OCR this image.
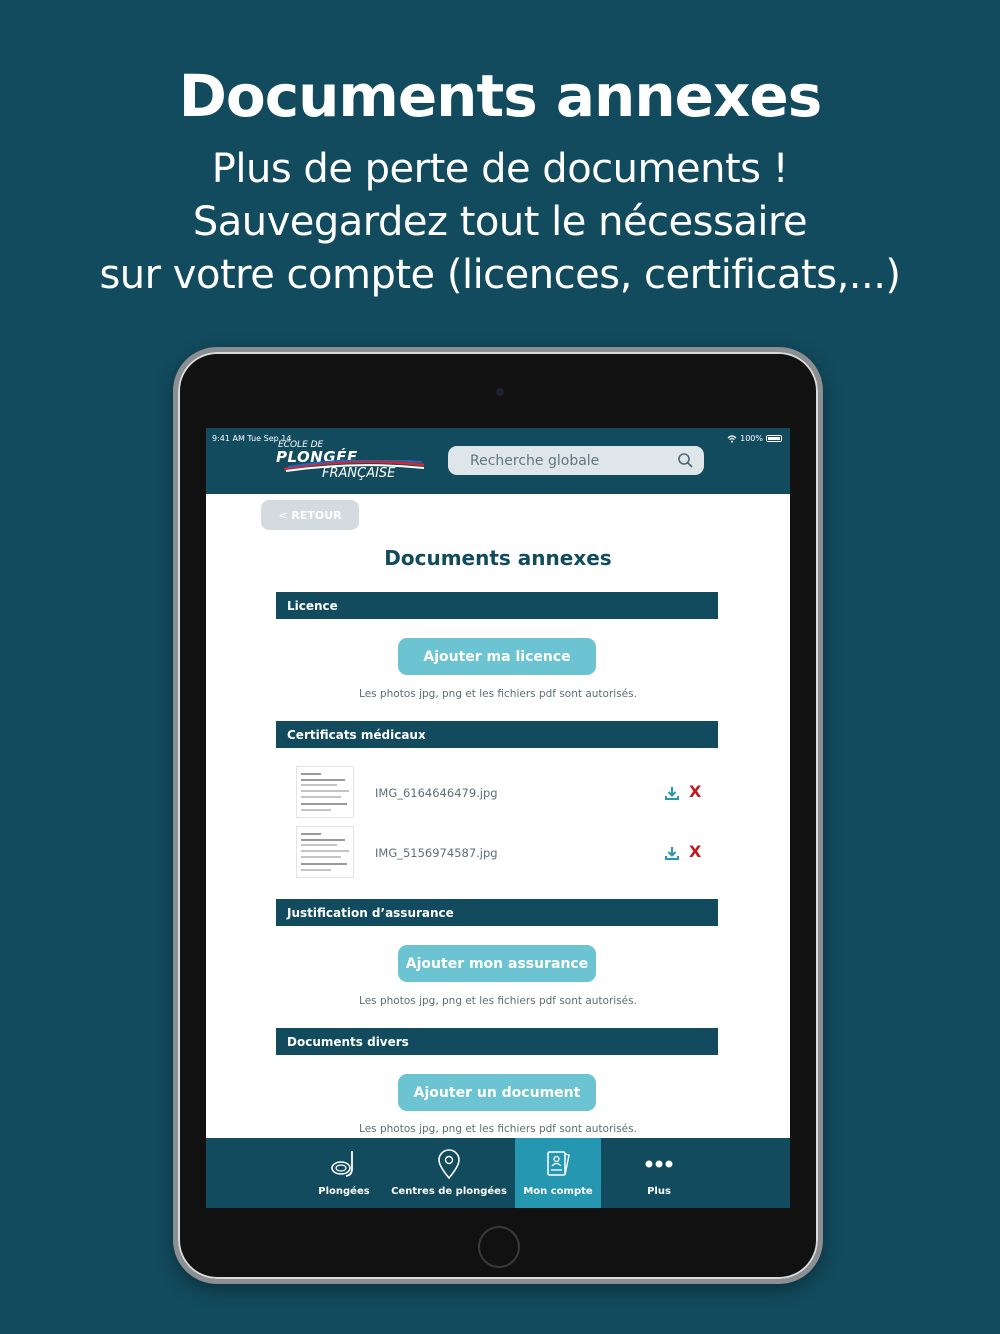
Documents annexes
Plus de perte de documents !
Sauvegardez tout le nécessaire
sur votre compte (licences, certificats,...)
9:41 AM Tue Sep 14	100%
ÉCOLE DE
PLONGÉE
FRANÇAISE
Recherche globale
< RETOUR
Documents annexes
Licence
Ajouter ma licence
Les photos jpg, png et les fichiers pdf sont autorisés.
Certificats médicaux
IMG_6164646479.jpg	X
IMG_5156974587.jpg	X
Justification d’assurance
Ajouter mon assurance
Les photos jpg, png et les fichiers pdf sont autorisés.
Documents divers
Ajouter un document
Les photos jpg, png et les fichiers pdf sont autorisés.
Plongées Centres de plongées Mon compte	Plus
